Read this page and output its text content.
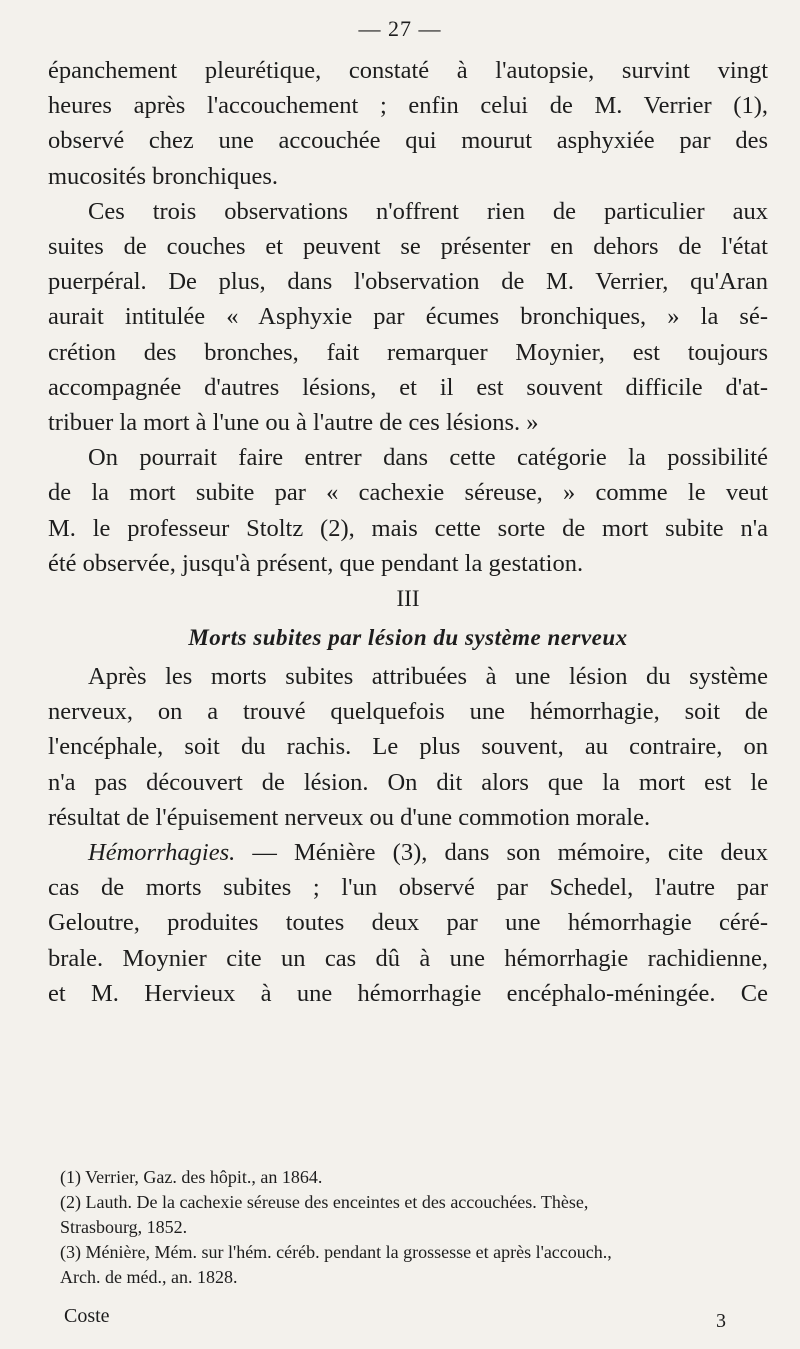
— 27 —
épanchement pleurétique, constaté à l'autopsie, survint vingt
heures après l'accouchement ; enfin celui de M. Verrier (1),
observé chez une accouchée qui mourut asphyxiée par des
mucosités bronchiques.
Ces trois observations n'offrent rien de particulier aux
suites de couches et peuvent se présenter en dehors de l'état
puerpéral. De plus, dans l'observation de M. Verrier, qu'Aran
aurait intitulée « Asphyxie par écumes bronchiques, » la sé-
crétion des bronches, fait remarquer Moynier, est toujours
accompagnée d'autres lésions, et il est souvent difficile d'at-
tribuer la mort à l'une ou à l'autre de ces lésions. »
On pourrait faire entrer dans cette catégorie la possibilité
de la mort subite par « cachexie séreuse, » comme le veut
M. le professeur Stoltz (2), mais cette sorte de mort subite n'a
été observée, jusqu'à présent, que pendant la gestation.
III
Morts subites par lésion du système nerveux
Après les morts subites attribuées à une lésion du système
nerveux, on a trouvé quelquefois une hémorrhagie, soit de
l'encéphale, soit du rachis. Le plus souvent, au contraire, on
n'a pas découvert de lésion. On dit alors que la mort est le
résultat de l'épuisement nerveux ou d'une commotion morale.
Hémorrhagies. — Ménière (3), dans son mémoire, cite deux
cas de morts subites ; l'un observé par Schedel, l'autre par
Geloutre, produites toutes deux par une hémorrhagie céré-
brale. Moynier cite un cas dû à une hémorrhagie rachidienne,
et M. Hervieux à une hémorrhagie encéphalo-méningée. Ce
(1) Verrier, Gaz. des hôpit., an 1864.
(2) Lauth. De la cachexie séreuse des enceintes et des accouchées. Thèse,
Strasbourg, 1852.
(3) Ménière, Mém. sur l'hém. céréb. pendant la grossesse et après l'accouch.,
Arch. de méd., an. 1828.
Coste	3
